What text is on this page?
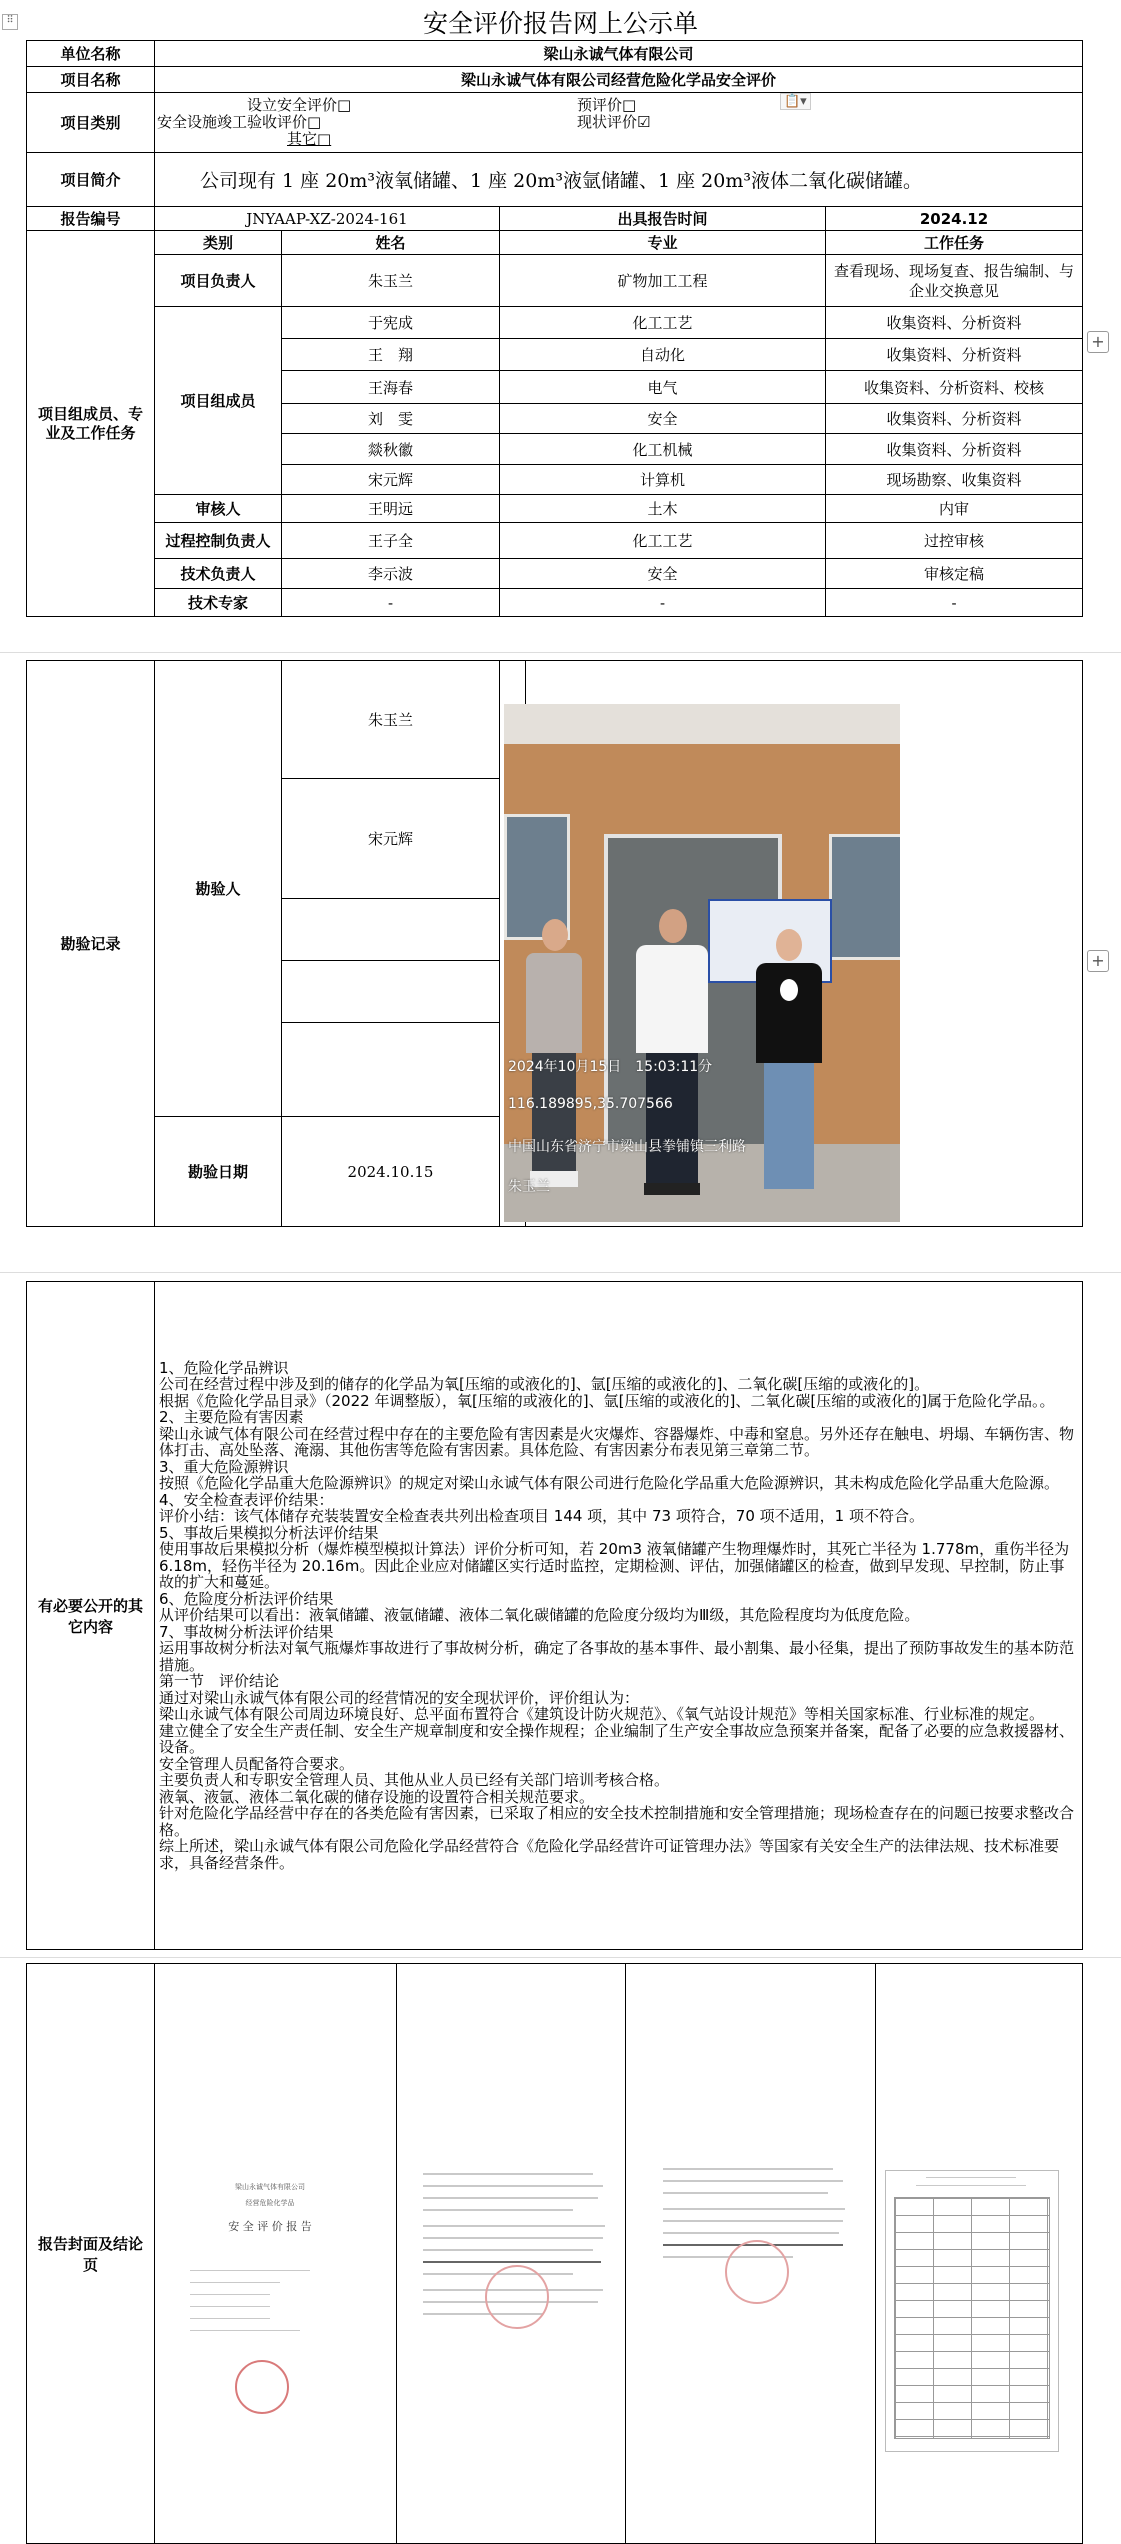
⠿	安全评价报告网上公示单
单位名称	梁山永诚气体有限公司			
项目名称	梁山永诚气体有限公司经营危险化学品安全评价			
项目类别	设立安全评价□ 预评价□
安全设施竣工验收评价□ 现状评价☑
其它□			

项目简介	公司现有 1 座 20m³液氧储罐、1 座 20m³液氩储罐、1 座 20m³液体二氧化碳储罐。			
报告编号	JNYAAP-XZ-2024-161		出具报告时间	2024.12
项目组成员、专业及工作任务	类别	姓名	专业	工作任务
	项目负责人	朱玉兰	矿物加工工程	查看现场、现场复查、报告编制、与企业交换意见
	项目组成员	于宪成	化工工艺	收集资料、分析资料
		王　翔	自动化	收集资料、分析资料
		王海春	电气	收集资料、分析资料、校核
		刘　雯	安全	收集资料、分析资料
		燚秋徽	化工机械	收集资料、分析资料
		宋元辉	计算机	现场勘察、收集资料
	审核人	王明远	土木	内审
	过程控制负责人	王子全	化工工艺	过控审核
	技术负责人	李示波	安全	审核定稿
	技术专家	-	-	-
📋▾
+
勘验记录	勘验人	朱玉兰	

		宋元辉		

	勘验日期	2024.10.15		
2024年10月15日　15:03:11分
116.189895,35.707566
中国山东省济宁市梁山县拳铺镇三利路
朱玉兰
+
有必要公开的其它内容	
1、危险化学品辨识
公司在经营过程中涉及到的储存的化学品为氧[压缩的或液化的]、氩[压缩的或液化的]、二氧化碳[压缩的或液化的]。
根据《危险化学品目录》（2022 年调整版），氧[压缩的或液化的]、氩[压缩的或液化的]、二氧化碳[压缩的或液化的]属于危险化学品。。
2、主要危险有害因素
梁山永诚气体有限公司在经营过程中存在的主要危险有害因素是火灾爆炸、容器爆炸、中毒和窒息。另外还存在触电、坍塌、车辆伤害、物体打击、高处坠落、淹溺、其他伤害等危险有害因素。具体危险、有害因素分布表见第三章第二节。
3、重大危险源辨识
按照《危险化学品重大危险源辨识》的规定对梁山永诚气体有限公司进行危险化学品重大危险源辨识，其未构成危险化学品重大危险源。
4、安全检查表评价结果：
评价小结：该气体储存充装装置安全检查表共列出检查项目 144 项，其中 73 项符合，70 项不适用，1 项不符合。
5、事故后果模拟分析法评价结果
使用事故后果模拟分析（爆炸模型模拟计算法）评价分析可知，若 20m3 液氧储罐产生物理爆炸时，其死亡半径为 1.778m，重伤半径为 6.18m，轻伤半径为 20.16m。因此企业应对储罐区实行适时监控，定期检测、评估，加强储罐区的检查，做到早发现、早控制，防止事故的扩大和蔓延。
6、危险度分析法评价结果
从评价结果可以看出：液氧储罐、液氩储罐、液体二氧化碳储罐的危险度分级均为Ⅲ级，其危险程度均为低度危险。
7、事故树分析法评价结果
运用事故树分析法对氧气瓶爆炸事故进行了事故树分析，确定了各事故的基本事件、最小割集、最小径集，提出了预防事故发生的基本防范措施。
第一节　评价结论
通过对梁山永诚气体有限公司的经营情况的安全现状评价，评价组认为：
梁山永诚气体有限公司周边环境良好、总平面布置符合《建筑设计防火规范》、《氧气站设计规范》等相关国家标准、行业标准的规定。
建立健全了安全生产责任制、安全生产规章制度和安全操作规程；企业编制了生产安全事故应急预案并备案，配备了必要的应急救援器材、设备。
安全管理人员配备符合要求。
主要负责人和专职安全管理人员、其他从业人员已经有关部门培训考核合格。
液氧、液氩、液体二氧化碳的储存设施的设置符合相关规范要求。
针对危险化学品经营中存在的各类危险有害因素，已采取了相应的安全技术控制措施和安全管理措施；现场检查存在的问题已按要求整改合格。
综上所述，梁山永诚气体有限公司危险化学品经营符合《危险化学品经营许可证管理办法》等国家有关安全生产的法律法规、技术标准要求，具备经营条件。
报告封面及结论页				
梁山永诚气体有限公司
经营危险化学品
安 全 评 价 报 告
